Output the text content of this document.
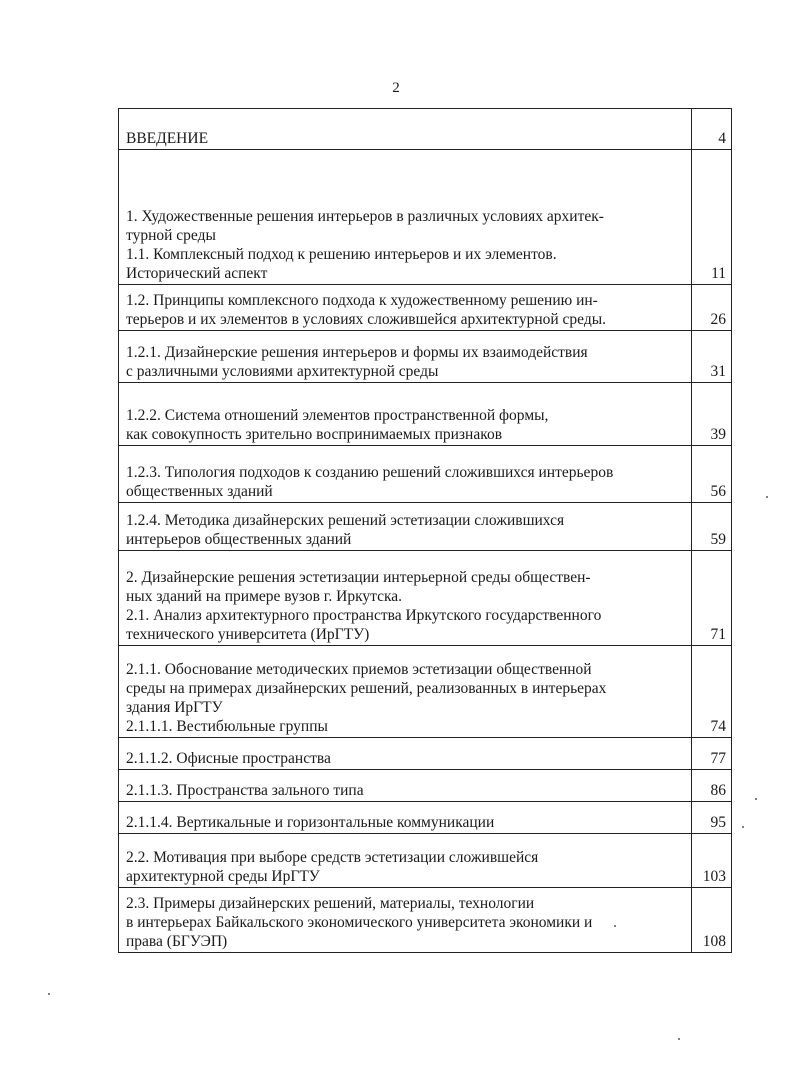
2
ВВЕДЕНИЕ	4

1. Художественные решения интерьеров в различных условиях архитек-
турной среды
1.1. Комплексный подход к решению интерьеров и их элементов.
Исторический аспект	11

1.2. Принципы комплексного подхода к художественному решению ин-
терьеров и их элементов в условиях сложившейся архитектурной среды.	26

1.2.1. Дизайнерские решения интерьеров и формы их взаимодействия
с различными условиями архитектурной среды	31

1.2.2. Система отношений элементов пространственной формы,
как совокупность зрительно воспринимаемых признаков	39

1.2.3. Типология подходов к созданию решений сложившихся интерьеров
общественных зданий	56

1.2.4. Методика дизайнерских решений эстетизации сложившихся
интерьеров общественных зданий	59

2. Дизайнерские решения эстетизации интерьерной среды обществен-
ных зданий на примере вузов г. Иркутска.
2.1. Анализ архитектурного пространства Иркутского государственного
технического университета (ИрГТУ)	71

2.1.1. Обоснование методических приемов эстетизации общественной
среды на примерах дизайнерских решений, реализованных в интерьерах
здания ИрГТУ
2.1.1.1. Вестибюльные группы	74

2.1.1.2. Офисные пространства	77

2.1.1.3. Пространства зального типа	86

2.1.1.4. Вертикальные и горизонтальные коммуникации	95

2.2. Мотивация при выборе средств эстетизации сложившейся
архитектурной среды ИрГТУ	103

2.3. Примеры дизайнерских решений, материалы, технологии
в интерьерах Байкальского экономического университета экономики и
права (БГУЭП)	108
